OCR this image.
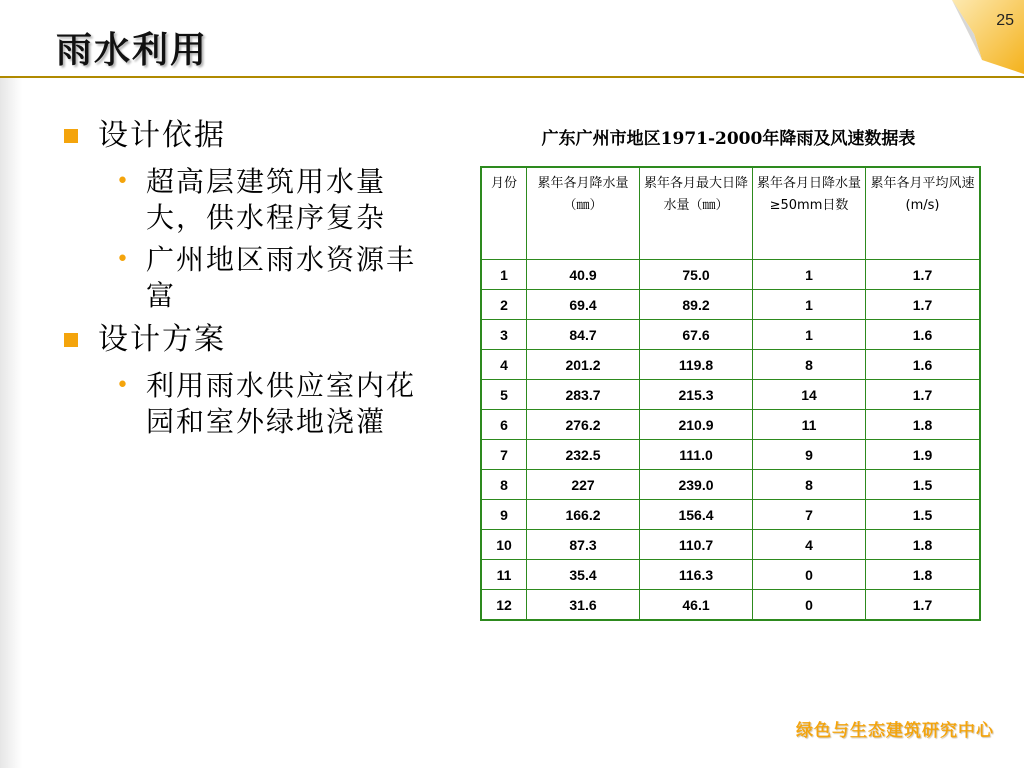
雨水利用
25
设计依据
• 超高层建筑用水量大，供水程序复杂
• 广州地区雨水资源丰富
设计方案
• 利用雨水供应室内花园和室外绿地浇灌
广东广州市地区1971-2000年降雨及风速数据表
月份	累年各月降水量（㎜）	累年各月最大日降水量（㎜）	累年各月日降水量≥50mm日数	累年各月平均风速(m/s)
1	40.9	75.0	1	1.7
2	69.4	89.2	1	1.7
3	84.7	67.6	1	1.6
4	201.2	119.8	8	1.6
5	283.7	215.3	14	1.7
6	276.2	210.9	11	1.8
7	232.5	111.0	9	1.9
8	227	239.0	8	1.5
9	166.2	156.4	7	1.5
10	87.3	110.7	4	1.8
11	35.4	116.3	0	1.8
12	31.6	46.1	0	1.7
绿色与生态建筑研究中心
